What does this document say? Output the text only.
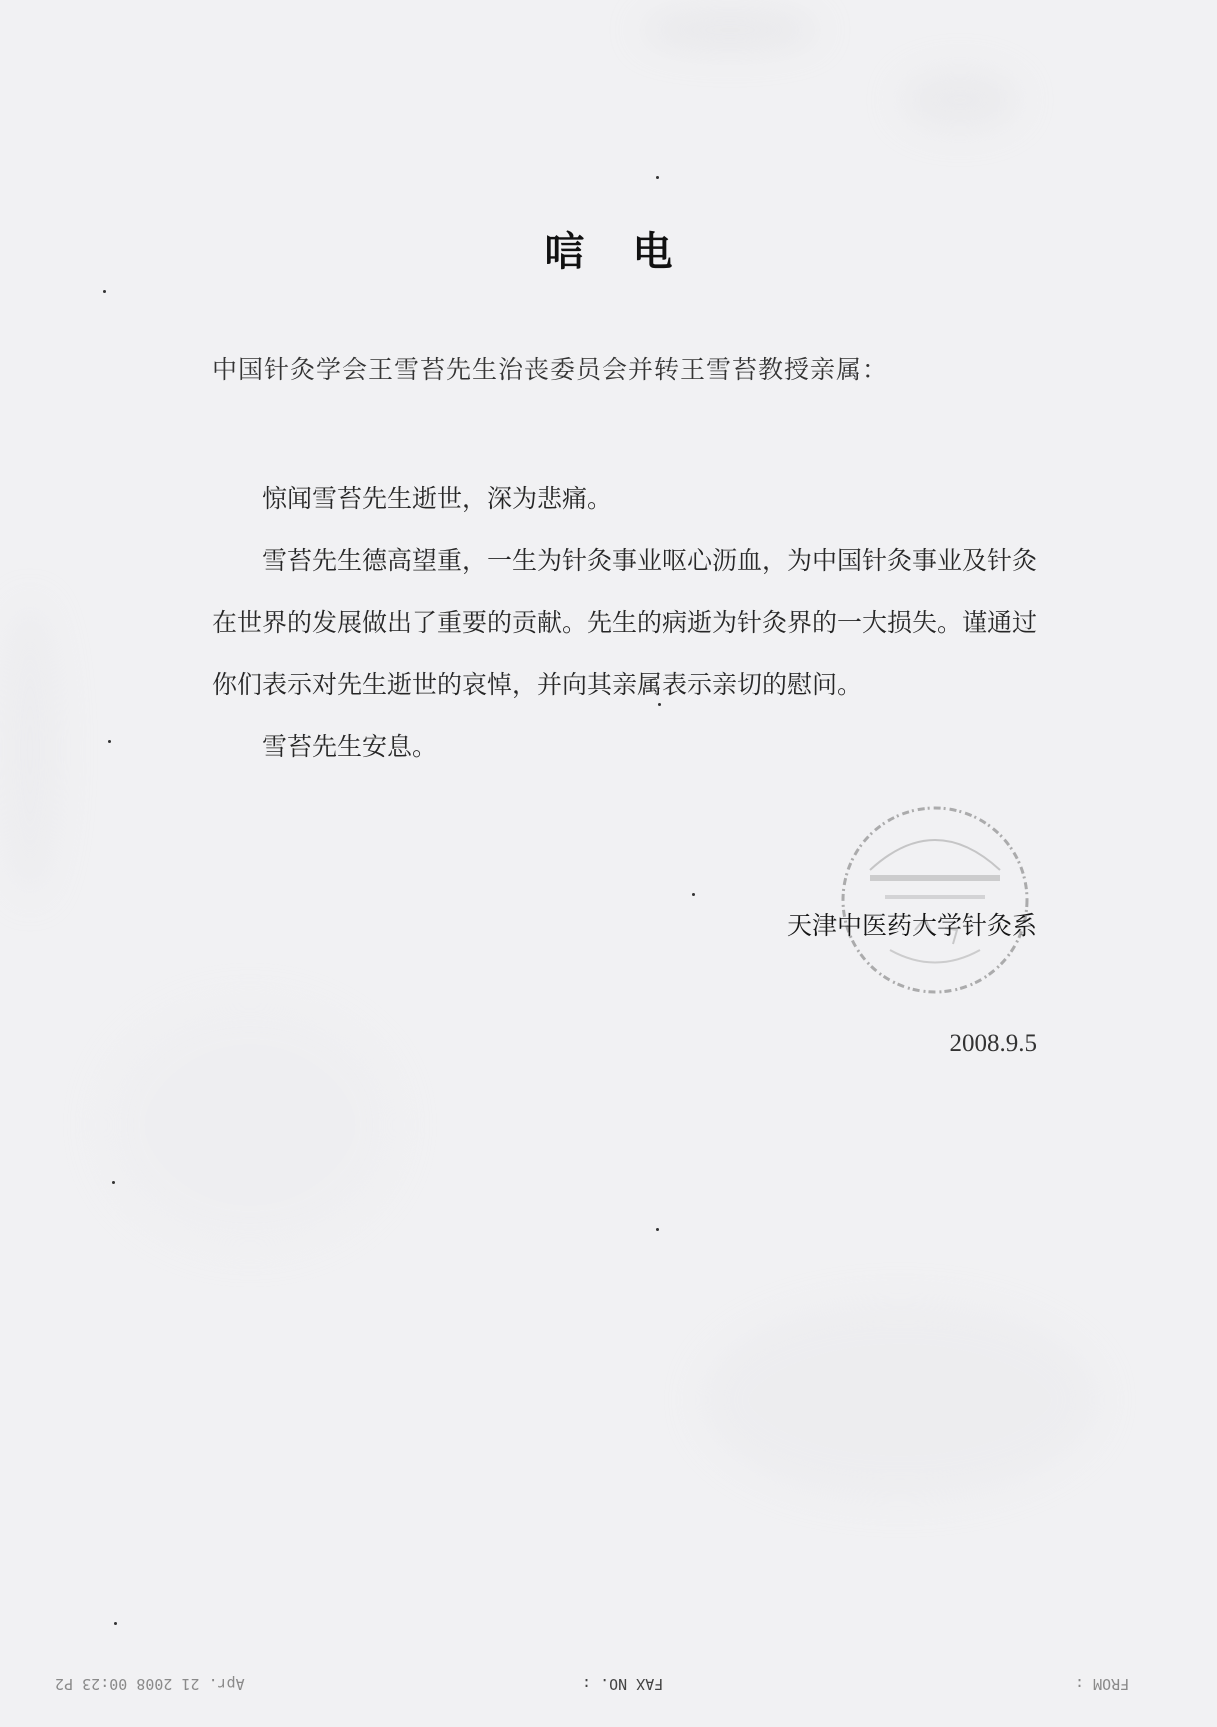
唁电
中国针灸学会王雪苔先生治丧委员会并转王雪苔教授亲属：

惊闻雪苔先生逝世，深为悲痛。

雪苔先生德高望重，一生为针灸事业呕心沥血，为中国针灸事业及针灸在世界的发展做出了重要的贡献。先生的病逝为针灸界的一大损失。谨通过你们表示对先生逝世的哀悼，并向其亲属表示亲切的慰问。

雪苔先生安息。

天津中医药大学针灸系
2008.9.5
Apr. 21 2008 00:23 P2	FAX NO. :	FROM :
